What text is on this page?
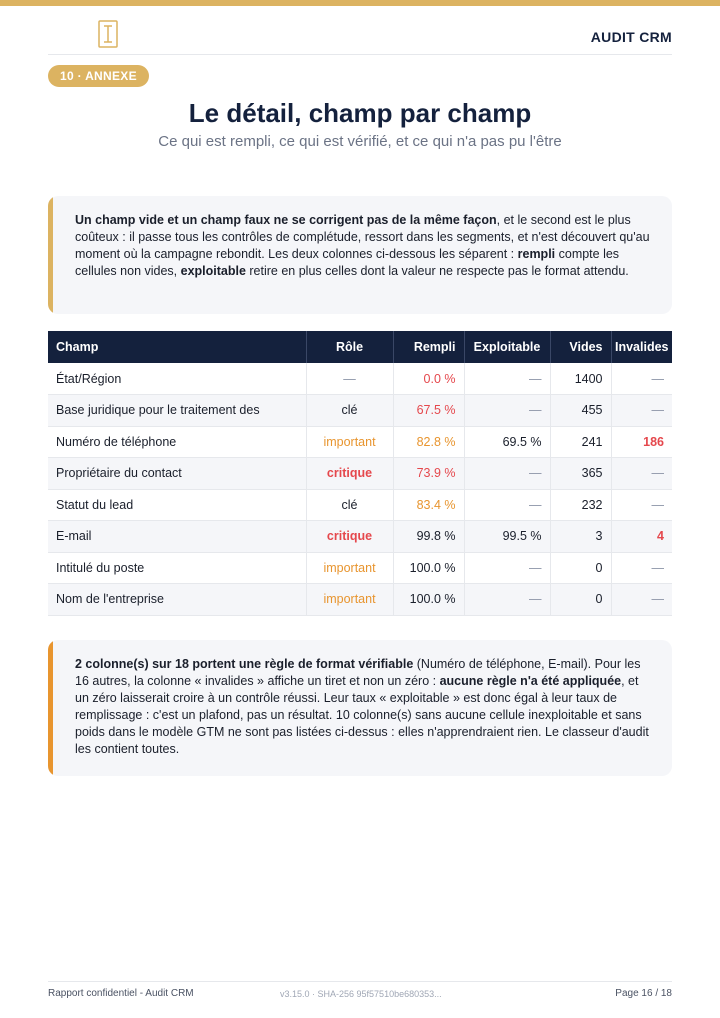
AUDIT CRM
10 · ANNEXE
Le détail, champ par champ
Ce qui est rempli, ce qui est vérifié, et ce qui n'a pas pu l'être

Un champ vide et un champ faux ne se corrigent pas de la même façon, et le second est le plus coûteux : il passe tous les contrôles de complétude, ressort dans les segments, et n'est découvert qu'au moment où la campagne rebondit. Les deux colonnes ci-dessous les séparent : rempli compte les cellules non vides, exploitable retire en plus celles dont la valeur ne respecte pas le format attendu.

Champ	Rôle	Rempli	Exploitable	Vides	Invalides
État/Région	—	0.0 %	—	1400	—
Base juridique pour le traitement des	clé	67.5 %	—	455	—
Numéro de téléphone	important	82.8 %	69.5 %	241	186
Propriétaire du contact	critique	73.9 %	—	365	—
Statut du lead	clé	83.4 %	—	232	—
E-mail	critique	99.8 %	99.5 %	3	4
Intitulé du poste	important	100.0 %	—	0	—
Nom de l'entreprise	important	100.0 %	—	0	—

2 colonne(s) sur 18 portent une règle de format vérifiable (Numéro de téléphone, E-mail). Pour les 16 autres, la colonne « invalides » affiche un tiret et non un zéro : aucune règle n'a été appliquée, et un zéro laisserait croire à un contrôle réussi. Leur taux « exploitable » est donc égal à leur taux de remplissage : c'est un plafond, pas un résultat. 10 colonne(s) sans aucune cellule inexploitable et sans poids dans le modèle GTM ne sont pas listées ci-dessus : elles n'apprendraient rien. Le classeur d'audit les contient toutes.

Rapport confidentiel - Audit CRM	v3.15.0 · SHA-256 95f57510be680353...	Page 16 / 18
